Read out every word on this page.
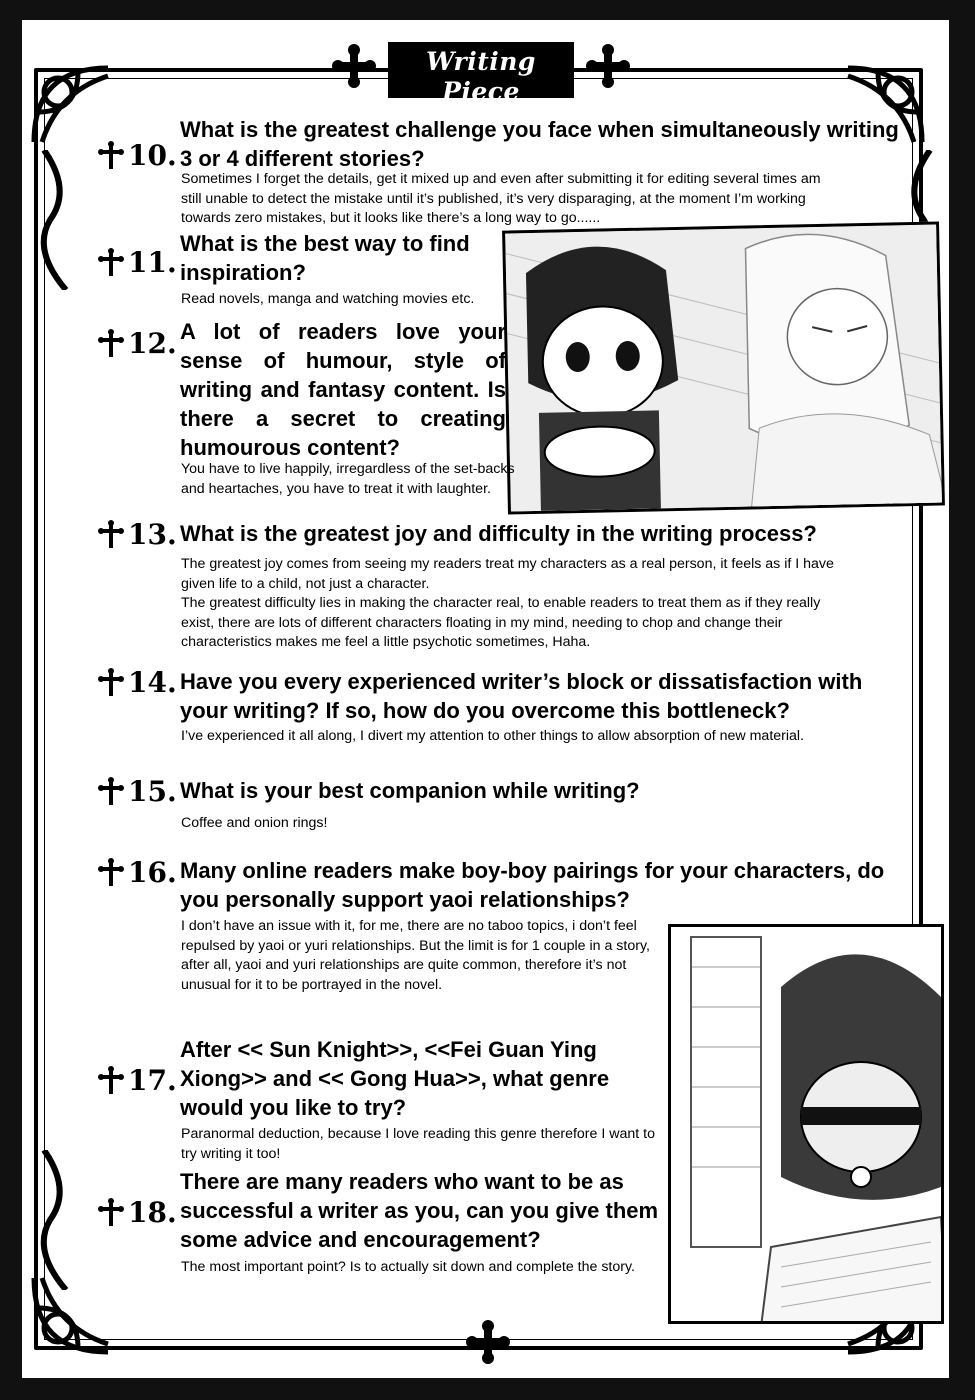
Writing Piece
(continued)
10.
What is the greatest challenge you face when simultaneously writing 3 or 4 different stories?
Sometimes I forget the details, get it mixed up and even after submitting it for editing several times am still unable to detect the mistake until it’s published, it’s very disparaging, at the moment I’m working towards zero mistakes, but it looks like there’s a long way to go......
11.
What is the best way to find inspiration?
Read novels, manga and watching movies etc.
12. A lot of readers love your sense of humour, style of writing and fantasy content. Is there a secret to creating humourous content?
You have to live happily, irregardless of the set-backs and heartaches, you have to treat it with laughter.
13. What is the greatest joy and difficulty in the writing process?
The greatest joy comes from seeing my readers treat my characters as a real person, it feels as if I have given life to a child, not just a character.
The greatest difficulty lies in making the character real, to enable readers to treat them as if they really exist, there are lots of different characters floating in my mind, needing to chop and change their characteristics makes me feel a little psychotic sometimes, Haha.
14. Have you every experienced writer’s block or dissatisfaction with your writing? If so, how do you overcome this bottleneck?
I’ve experienced it all along, I divert my attention to other things to allow absorption of new material.
15. What is your best companion while writing?
Coffee and onion rings!
16. Many online readers make boy-boy pairings for your characters, do you personally support yaoi relationships?
I don’t have an issue with it, for me, there are no taboo topics, i don’t feel repulsed by yaoi or yuri relationships. But the limit is for 1 couple in a story, after all, yaoi and yuri relationships are quite common, therefore it’s not unusual for it to be portrayed in the novel.
17.
After << Sun Knight>>, <<Fei Guan Ying Xiong>> and << Gong Hua>>, what genre would you like to try?
Paranormal deduction, because I love reading this genre therefore I want to try writing it too!
18.
There are many readers who want to be as successful a writer as you, can you give them some advice and encouragement?
The most important point? Is to actually sit down and complete the story.
